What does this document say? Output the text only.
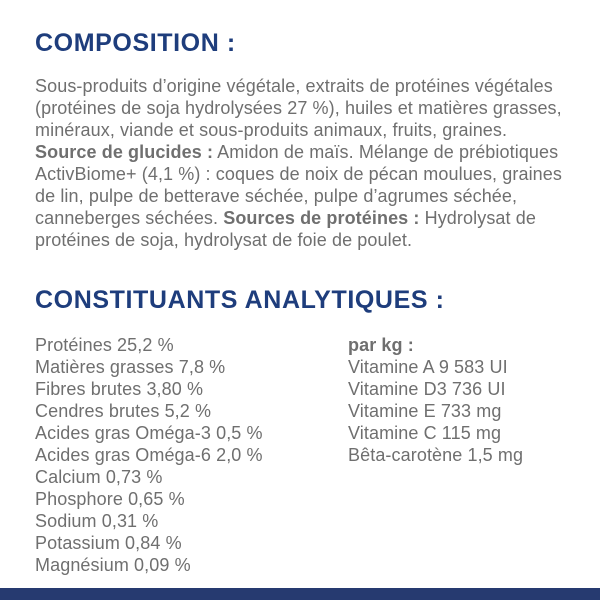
COMPOSITION :

Sous-produits d’origine végétale, extraits de protéines végétales (protéines de soja hydrolysées 27 %), huiles et matières grasses, minéraux, viande et sous-produits animaux, fruits, graines. Source de glucides : Amidon de maïs. Mélange de prébiotiques ActivBiome+ (4,1 %) : coques de noix de pécan moulues, graines de lin, pulpe de betterave séchée, pulpe d’agrumes séchée, canneberges séchées. Sources de protéines : Hydrolysat de protéines de soja, hydrolysat de foie de poulet.

CONSTITUANTS ANALYTIQUES :
Protéines 25,2 %
Matières grasses 7,8 %
Fibres brutes 3,80 %
Cendres brutes 5,2 %
Acides gras Oméga-3 0,5 %
Acides gras Oméga-6 2,0 %
Calcium 0,73 %
Phosphore 0,65 %
Sodium 0,31 %
Potassium 0,84 %
Magnésium 0,09 %
par kg :
Vitamine A 9 583 UI
Vitamine D3 736 UI
Vitamine E 733 mg
Vitamine C 115 mg
Bêta-carotène 1,5 mg
